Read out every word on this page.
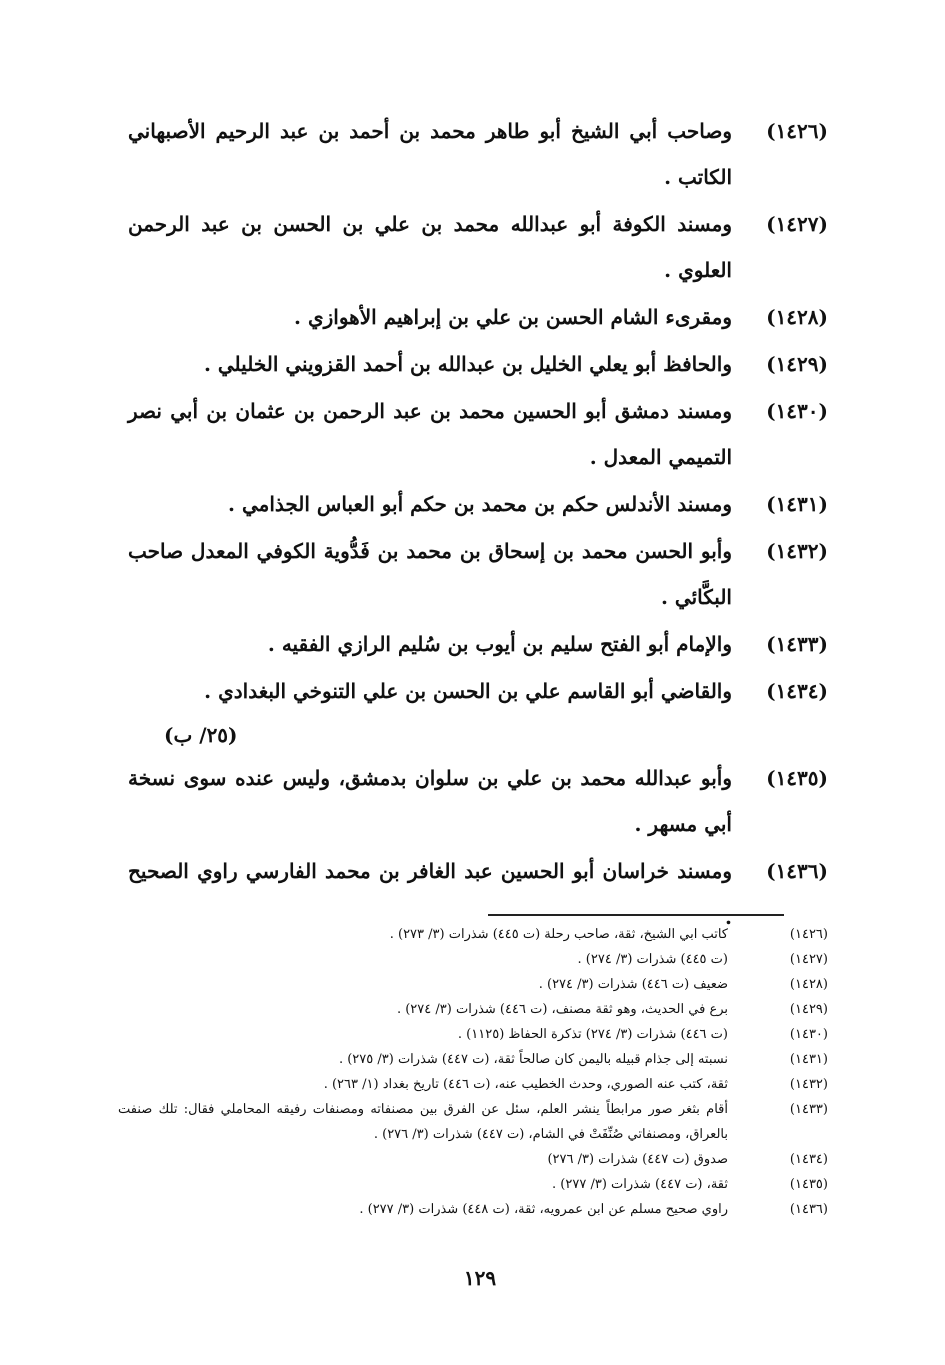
(١٤٢٦)
وصاحب أبي الشيخ أبو طاهر محمد بن أحمد بن عبد الرحيم الأصبهاني الكاتب .
(١٤٢٧)
ومسند الكوفة أبو عبدالله محمد بن علي بن الحسن بن عبد الرحمن العلوي .
(١٤٢٨)
ومقرىء الشام الحسن بن علي بن إبراهيم الأهوازي .
(١٤٢٩)
والحافظ أبو يعلي الخليل بن عبدالله بن أحمد القزويني الخليلي .
(١٤٣٠)
ومسند دمشق أبو الحسين محمد بن عبد الرحمن بن عثمان بن أبي نصر التميمي المعدل .
(١٤٣١)
ومسند الأندلس حكم بن محمد بن حكم أبو العباس الجذامي .
(١٤٣٢)
وأبو الحسن محمد بن إسحاق بن محمد بن فَدُّوية الكوفي المعدل صاحب البكَّائي .
(١٤٣٣)
والإمام أبو الفتح سليم بن أيوب بن سُليم الرازي الفقيه .
(١٤٣٤)
والقاضي أبو القاسم علي بن الحسن بن علي التنوخي البغدادي .
(٢٥/ ب)
(١٤٣٥)
وأبو عبدالله محمد بن علي بن سلوان بدمشق، وليس عنده سوى نسخة أبي مسهر .
(١٤٣٦)
ومسند خراسان أبو الحسين عبد الغافر بن محمد الفارسي راوي الصحيح .
(١٤٢٦)
كاتب ابي الشيخ، ثقة، صاحب رحلة (ت ٤٤٥) شذرات (٣/ ٢٧٣) .
(١٤٢٧)
(ت ٤٤٥) شذرات (٣/ ٢٧٤) .
(١٤٢٨)
ضعيف (ت ٤٤٦) شذرات (٣/ ٢٧٤) .
(١٤٢٩)
برع في الحديث، وهو ثقة مصنف، (ت ٤٤٦) شذرات (٣/ ٢٧٤) .
(١٤٣٠)
(ت ٤٤٦) شذرات (٣/ ٢٧٤) تذكرة الحفاظ (١١٢٥) .
(١٤٣١)
نسبته إلى جذام قبيله باليمن كان صالحاً ثقة، (ت ٤٤٧) شذرات (٣/ ٢٧٥) .
(١٤٣٢)
ثقة، كتب عنه الصوري، وحدث الخطيب عنه، (ت ٤٤٦) تاريخ بغداد (١/ ٢٦٣) .
(١٤٣٣)
أقام بثغر صور مرابطاً ينشر العلم، سئل عن الفرق بين مصنفاته ومصنفات رفيقه المحاملي فقال: تلك صنفت بالعراق، ومصنفاتي صُنِّفَتْ في الشام، (ت ٤٤٧) شذرات (٣/ ٢٧٦) .
(١٤٣٤)
صدوق (ت ٤٤٧) شذرات (٣/ ٢٧٦)
(١٤٣٥)
ثقة، (ت ٤٤٧) شذرات (٣/ ٢٧٧) .
(١٤٣٦)
راوي صحيح مسلم عن ابن عمرويه، ثقة، (ت ٤٤٨) شذرات (٣/ ٢٧٧) .
١٢٩
